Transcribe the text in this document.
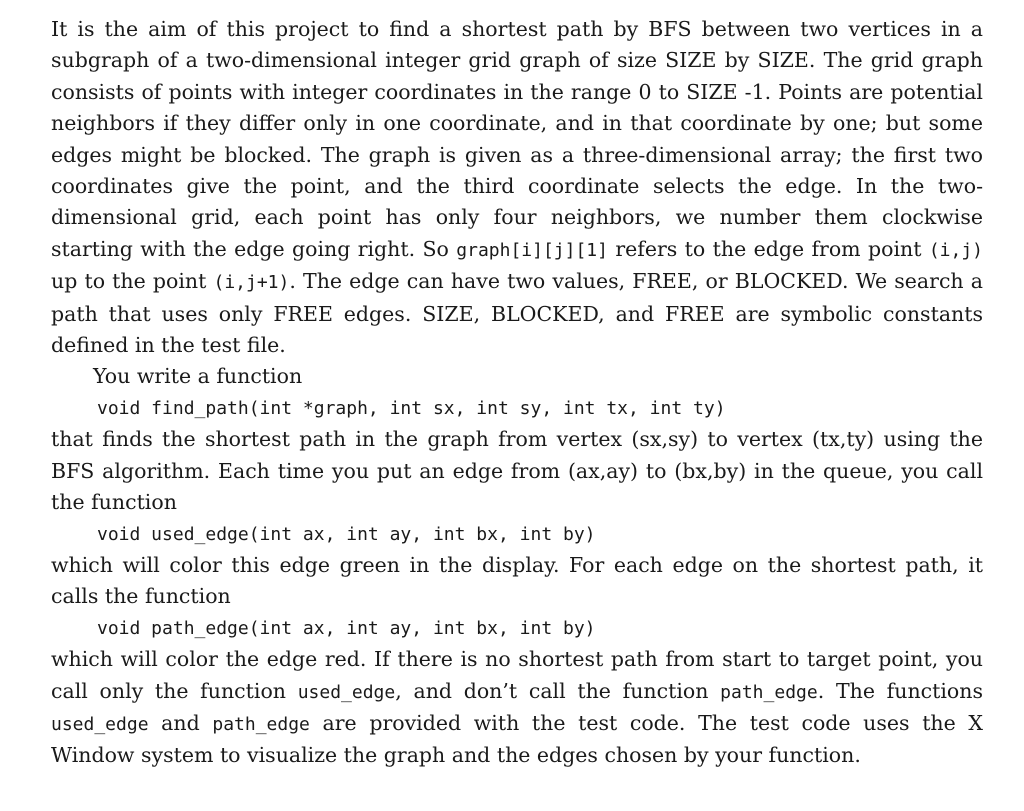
It is the aim of this project to find a shortest path by BFS between two vertices in a subgraph of a two-dimensional integer grid graph of size SIZE by SIZE. The grid graph consists of points with integer coordinates in the range 0 to SIZE -1. Points are potential neighbors if they differ only in one coordinate, and in that coordinate by one; but some edges might be blocked. The graph is given as a three-dimensional array; the first two coordinates give the point, and the third coordinate selects the edge. In the two-dimensional grid, each point has only four neighbors, we number them clockwise starting with the edge going right. So graph[i][j][1] refers to the edge from point (i,j) up to the point (i,j+1). The edge can have two values, FREE, or BLOCKED. We search a path that uses only FREE edges. SIZE, BLOCKED, and FREE are symbolic constants defined in the test file.

You write a function

void find_path(int *graph, int sx, int sy, int tx, int ty)

that finds the shortest path in the graph from vertex (sx,sy) to vertex (tx,ty) using the BFS algorithm. Each time you put an edge from (ax,ay) to (bx,by) in the queue, you call the function

void used_edge(int ax, int ay, int bx, int by)

which will color this edge green in the display. For each edge on the shortest path, it calls the function

void path_edge(int ax, int ay, int bx, int by)

which will color the edge red. If there is no shortest path from start to target point, you call only the function used_edge, and don’t call the function path_edge. The functions used_edge and path_edge are provided with the test code. The test code uses the X Window system to visualize the graph and the edges chosen by your function.
